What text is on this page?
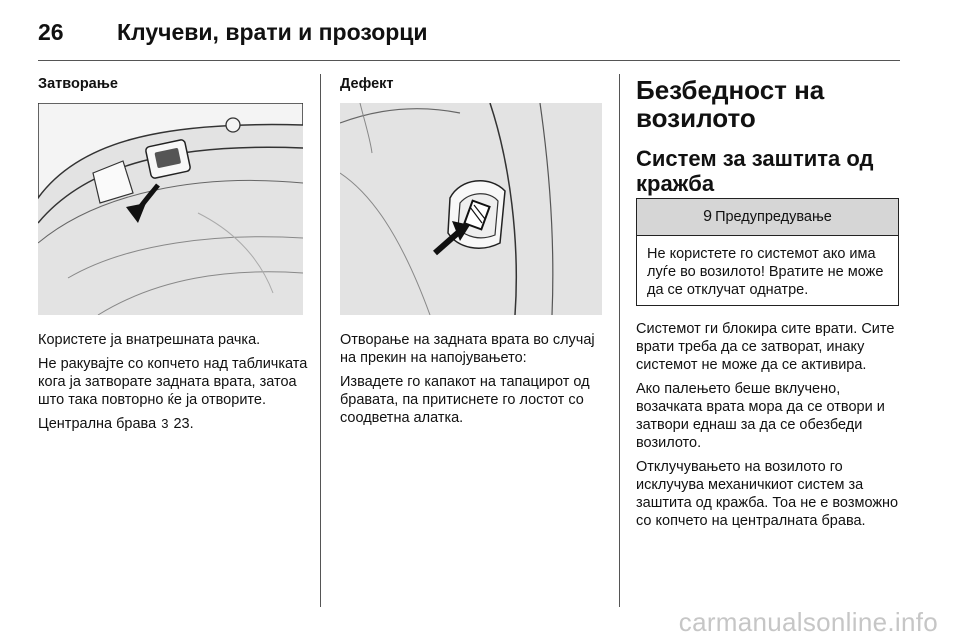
26 Клучеви, врати и прозорци
Затворање

Користете ја внатрешната рачка.

Не ракувајте со копчето над табличката кога ја затворате задната врата, затоа што така повторно ќе ја отворите.

Централна брава 3 23.

Дефект

Отворање на задната врата во случај на прекин на напојувањето:

Извадете го капакот на тапацирот од бравата, па притиснете го лостот со соодветна алатка.

Безбедност на возилото
Систем за заштита од кражба
9 Предупредување
Не користете го системот ако има луѓе во возилото! Вратите не може да се отклучат однатре.

Системот ги блокира сите врати. Сите врати треба да се затворат, инаку системот не може да се активира.

Ако палењето беше вклучено, возачката врата мора да се отвори и затвори еднаш за да се обезбеди возилото.

Отклучувањето на возилото го исклучува механичкиот систем за заштита од кражба. Тоа не е возможно со копчето на централната брава.

carmanualsonline.info
